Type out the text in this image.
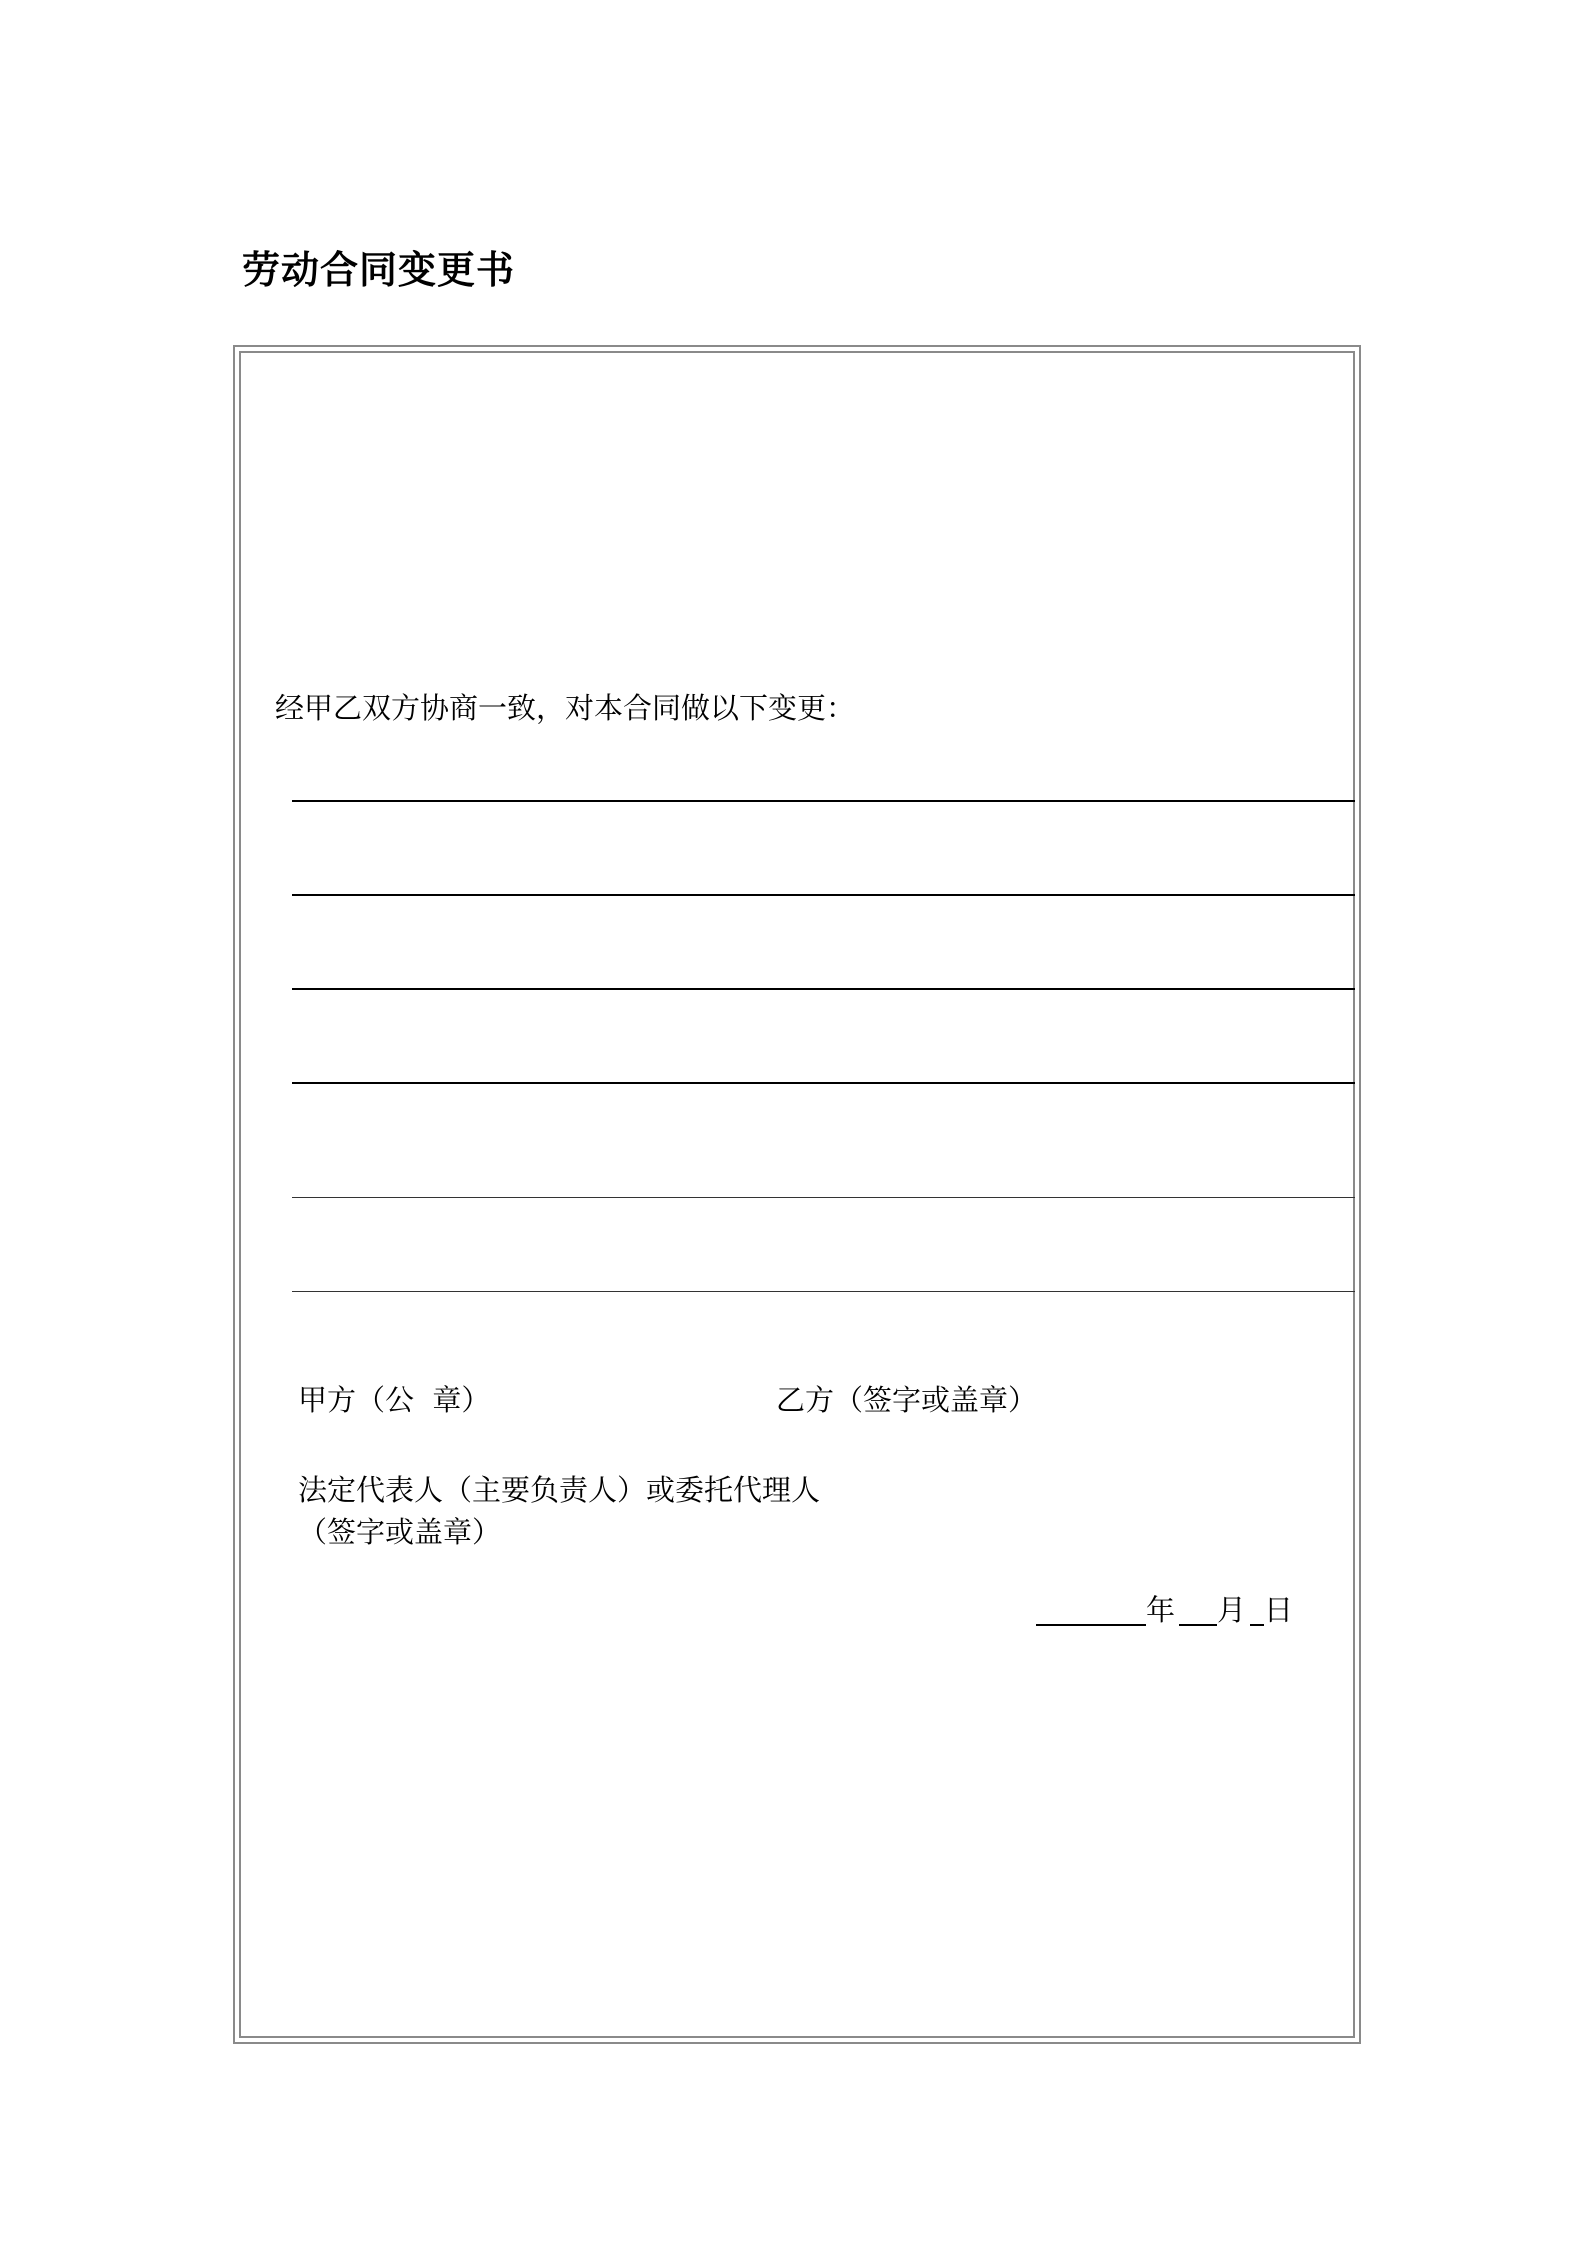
劳动合同变更书
经甲乙双方协商一致，对本合同做以下变更：
甲方（公  章）	乙方（签字或盖章）
法定代表人（主要负责人）或委托代理人
（签字或盖章）
年 月 日
